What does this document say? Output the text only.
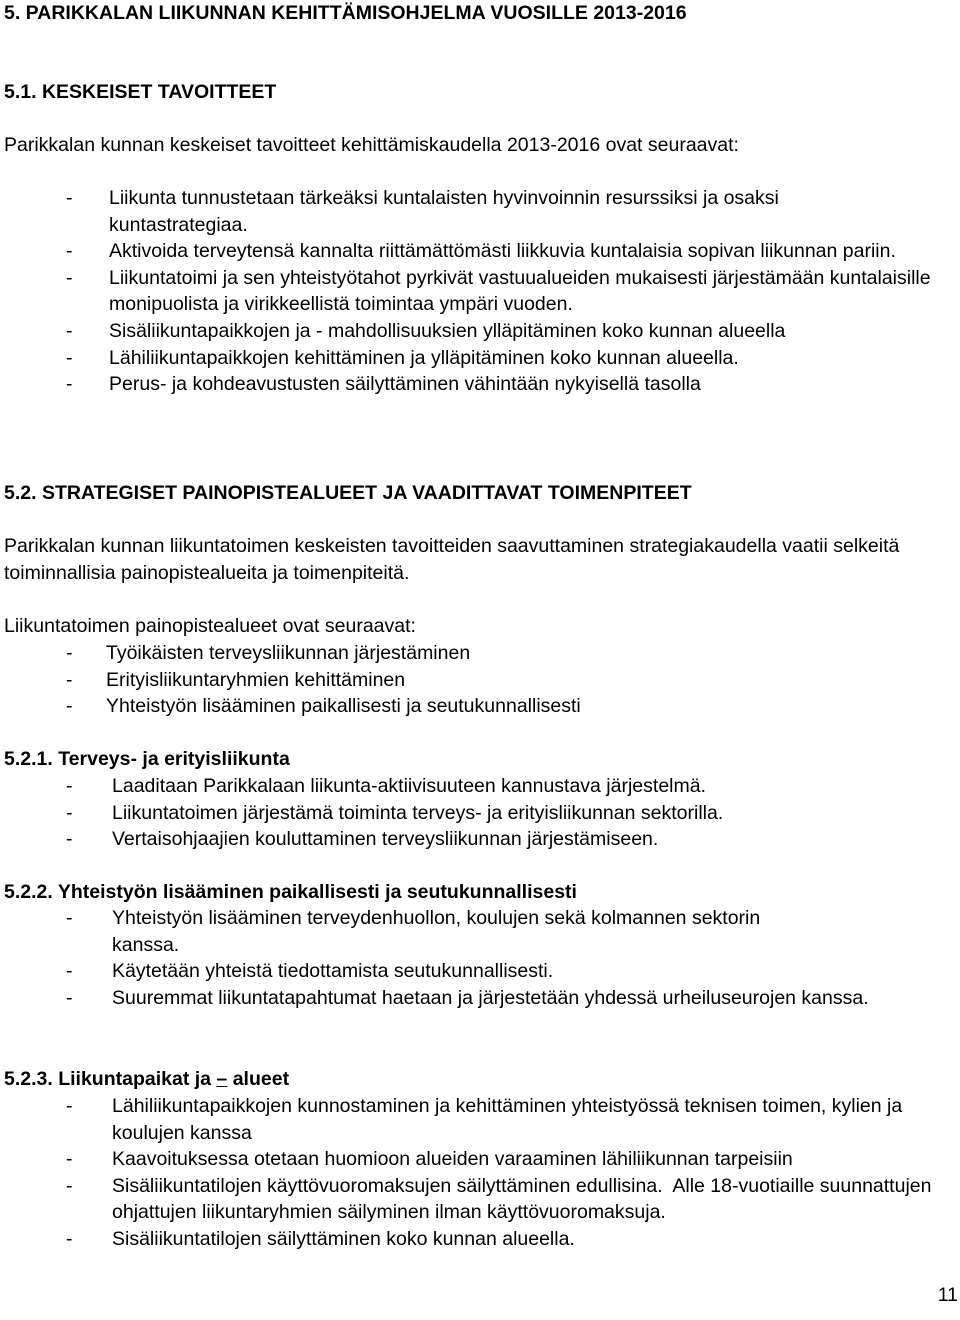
5. PARIKKALAN LIIKUNNAN KEHITTÄMISOHJELMA VUOSILLE 2013-2016
5.1. KESKEISET TAVOITTEET
Parikkalan kunnan keskeiset tavoitteet kehittämiskaudella 2013-2016 ovat seuraavat:
-	Liikunta tunnustetaan tärkeäksi kuntalaisten hyvinvoinnin resurssiksi ja osaksi kuntastrategiaa.
-	Aktivoida terveytensä kannalta riittämättömästi liikkuvia kuntalaisia sopivan liikunnan pariin.
-	Liikuntatoimi ja sen yhteistyötahot pyrkivät vastuualueiden mukaisesti järjestämään kuntalaisille monipuolista ja virikkeellistä toimintaa ympäri vuoden.
-	Sisäliikuntapaikkojen ja - mahdollisuuksien ylläpitäminen koko kunnan alueella
-	Lähiliikuntapaikkojen kehittäminen ja ylläpitäminen koko kunnan alueella.
-	Perus- ja kohdeavustusten säilyttäminen vähintään nykyisellä tasolla
5.2. STRATEGISET PAINOPISTEALUEET JA VAADITTAVAT TOIMENPITEET
Parikkalan kunnan liikuntatoimen keskeisten tavoitteiden saavuttaminen strategiakaudella vaatii selkeitä toiminnallisia painopistealueita ja toimenpiteitä.
Liikuntatoimen painopistealueet ovat seuraavat:
-	Työikäisten terveysliikunnan järjestäminen
-	Erityisliikuntaryhmien kehittäminen
-	Yhteistyön lisääminen paikallisesti ja seutukunnallisesti
5.2.1. Terveys- ja erityisliikunta
-	Laaditaan Parikkalaan liikunta-aktiivisuuteen kannustava järjestelmä.
-	Liikuntatoimen järjestämä toiminta terveys- ja erityisliikunnan sektorilla.
-	Vertaisohjaajien kouluttaminen terveysliikunnan järjestämiseen.
5.2.2. Yhteistyön lisääminen paikallisesti ja seutukunnallisesti
-	Yhteistyön lisääminen terveydenhuollon, koulujen sekä kolmannen sektorin kanssa.
-	Käytetään yhteistä tiedottamista seutukunnallisesti.
-	Suuremmat liikuntatapahtumat haetaan ja järjestetään yhdessä urheiluseurojen kanssa.
5.2.3. Liikuntapaikat ja – alueet
-	Lähiliikuntapaikkojen kunnostaminen ja kehittäminen yhteistyössä teknisen toimen, kylien ja koulujen kanssa
-	Kaavoituksessa otetaan huomioon alueiden varaaminen lähiliikunnan tarpeisiin
-	Sisäliikuntatilojen käyttövuoromaksujen säilyttäminen edullisina.  Alle 18-vuotiaille suunnattujen ohjattujen liikuntaryhmien säilyminen ilman käyttövuoromaksuja.
-	Sisäliikuntatilojen säilyttäminen koko kunnan alueella.
11
